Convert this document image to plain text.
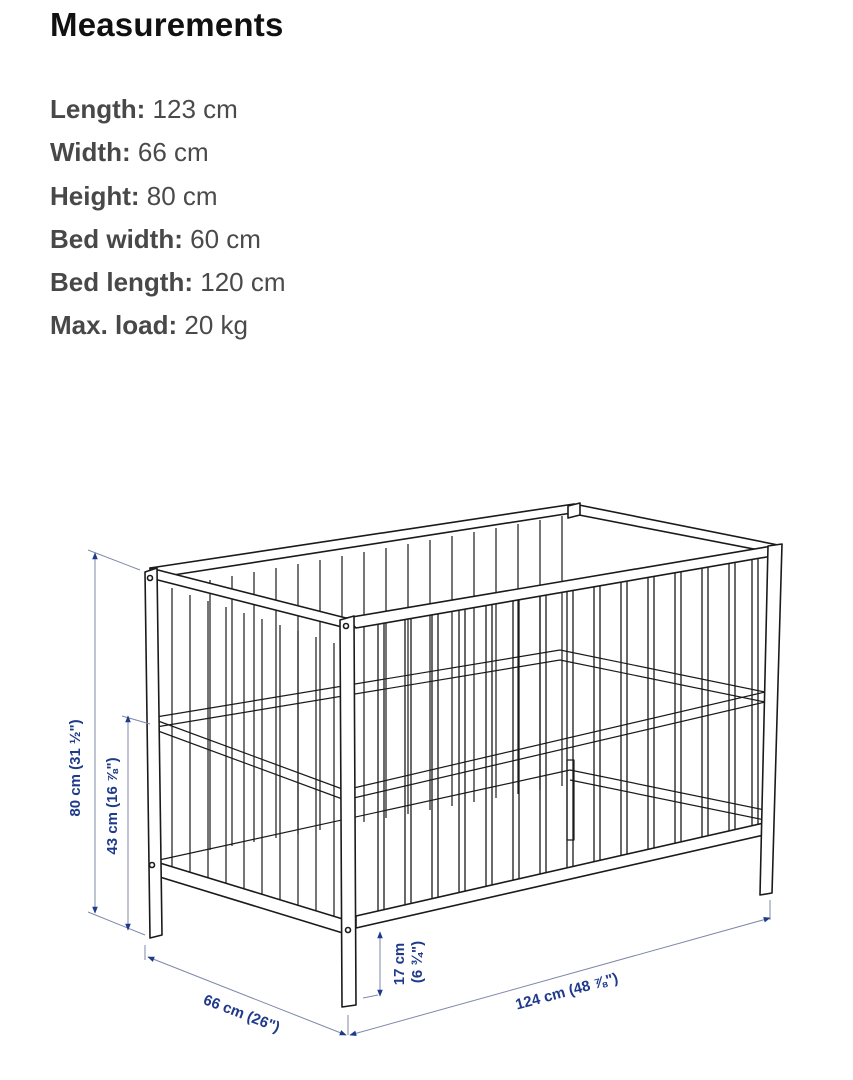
Measurements
Length: 123 cm
Width: 66 cm
Height: 80 cm
Bed width: 60 cm
Bed length: 120 cm
Max. load: 20 kg
80 cm (31 ½") 43 cm (16 ⅞")
17 cm (6 ¾")
66 cm (26")	124 cm (48 ⅞")
